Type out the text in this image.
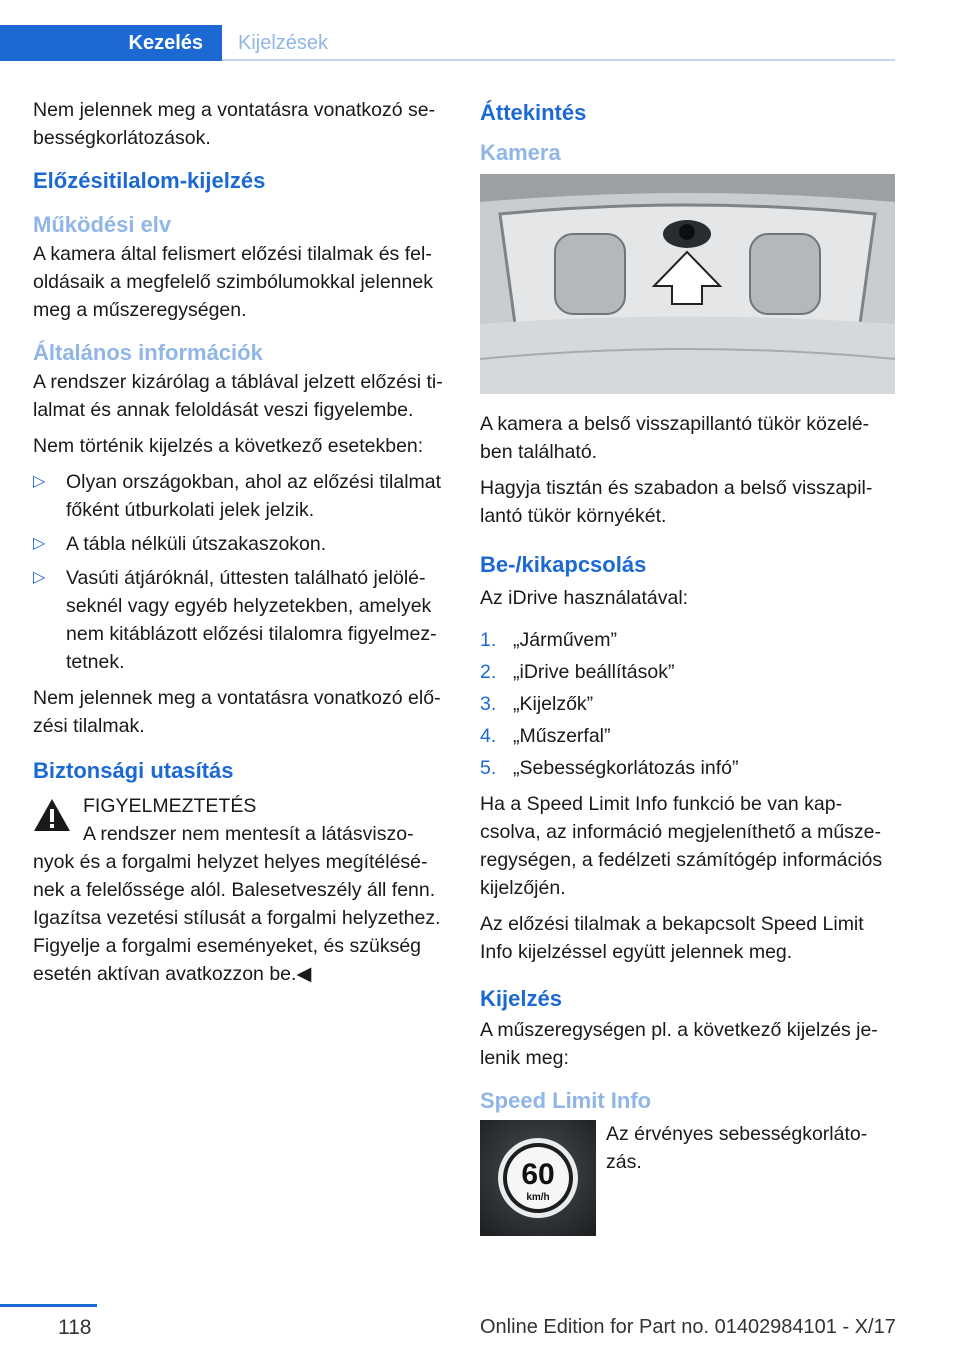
Kezelés	Kijelzések

Nem jelennek meg a vontatásra vonatkozó sebességkorlátozások.

Előzésitilalom-kijelzés
Működési elv

A kamera által felismert előzési tilalmak és feloldásaik a megfelelő szimbólumokkal jelennek meg a műszeregységen.

Általános információk

A rendszer kizárólag a táblával jelzett előzési tilalmat és annak feloldását veszi figyelembe.

Nem történik kijelzés a következő esetekben:

▷ Olyan országokban, ahol az előzési tilalmat főként útburkolati jelek jelzik.
▷ A tábla nélküli útszakaszokon.
▷ Vasúti átjáróknál, úttesten található jelöléseknél vagy egyéb helyzetekben, amelyek nem kitáblázott előzési tilalomra figyelmeztetnek.

Nem jelennek meg a vontatásra vonatkozó előzési tilalmak.

Biztonsági utasítás

FIGYELMEZTETÉS

A rendszer nem mentesít a látásviszonyok és a forgalmi helyzet helyes megítélésének a felelőssége alól. Balesetveszély áll fenn. Igazítsa vezetési stílusát a forgalmi helyzethez. Figyelje a forgalmi eseményeket, és szükség esetén aktívan avatkozzon be.◀

Áttekintés
Kamera

A kamera a belső visszapillantó tükör közelében található.

Hagyja tisztán és szabadon a belső visszapillantó tükör környékét.

Be-/kikapcsolás

Az iDrive használatával:

1. „Járművem”
2. „iDrive beállítások”
3. „Kijelzők”
4. „Műszerfal”
5. „Sebességkorlátozás infó”

Ha a Speed Limit Info funkció be van kapcsolva, az információ megjeleníthető a műszeregységen, a fedélzeti számítógép információs kijelzőjén.

Az előzési tilalmak a bekapcsolt Speed Limit Info kijelzéssel együtt jelennek meg.

Kijelzés

A műszeregységen pl. a következő kijelzés jelenik meg:

Speed Limit Info
60
km/h

Az érvényes sebességkorlátozás.

118	Online Edition for Part no. 01402984101 - X/17
